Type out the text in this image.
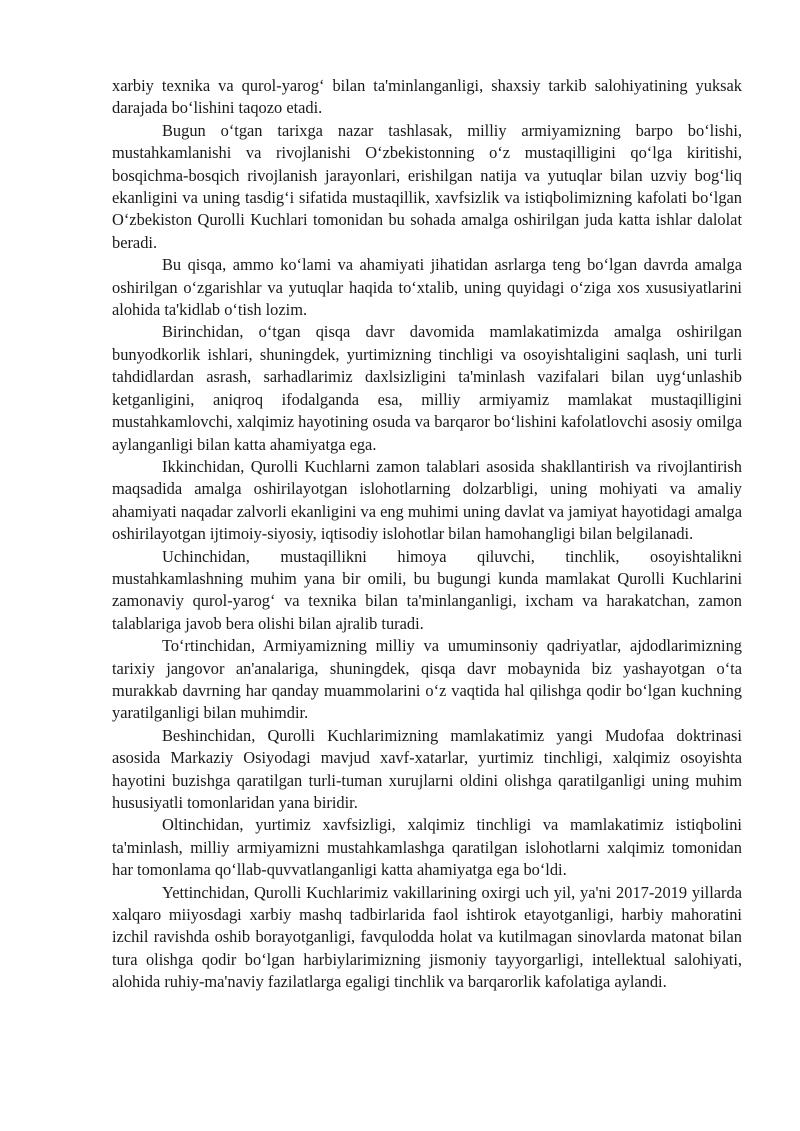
xarbiy texnika va qurol-yarog‘ bilan ta'minlanganligi, shaxsiy tarkib salohiyatining yuksak darajada bo‘lishini taqozo etadi.

Bugun o‘tgan tarixga nazar tashlasak, milliy armiyamizning barpo bo‘lishi, mustahkamlanishi va rivojlanishi O‘zbekistonning o‘z mustaqilligini qo‘lga kiritishi, bosqichma-bosqich rivojlanish jarayonlari, erishilgan natija va yutuqlar bilan uzviy bog‘liq ekanligini va uning tasdig‘i sifatida mustaqillik, xavfsizlik va istiqbolimizning kafolati bo‘lgan O‘zbekiston Qurolli Kuchlari tomonidan bu sohada amalga oshirilgan juda katta ishlar dalolat beradi.

Bu qisqa, ammo ko‘lami va ahamiyati jihatidan asrlarga teng bo‘lgan davrda amalga oshirilgan o‘zgarishlar va yutuqlar haqida to‘xtalib, uning quyidagi o‘ziga xos xususiyatlarini alohida ta'kidlab o‘tish lozim.

Birinchidan, o‘tgan qisqa davr davomida mamlakatimizda amalga oshirilgan bunyodkorlik ishlari, shuningdek, yurtimizning tinchligi va osoyishtaligini saqlash, uni turli tahdidlardan asrash, sarhadlarimiz daxlsizligini ta'minlash vazifalari bilan uyg‘unlashib ketganligini, aniqroq ifodalganda esa, milliy armiyamiz mamlakat mustaqilligini mustahkamlovchi, xalqimiz hayotining osuda va barqaror bo‘lishini kafolatlovchi asosiy omilga aylanganligi bilan katta ahamiyatga ega.

Ikkinchidan, Qurolli Kuchlarni zamon talablari asosida shakllantirish va rivojlantirish maqsadida amalga oshirilayotgan islohotlarning dolzarbligi, uning mohiyati va amaliy ahamiyati naqadar zalvorli ekanligini va eng muhimi uning davlat va jamiyat hayotidagi amalga oshirilayotgan ijtimoiy-siyosiy, iqtisodiy islohotlar bilan hamohangligi bilan belgilanadi.

Uchinchidan, mustaqillikni himoya qiluvchi, tinchlik, osoyishtalikni mustahkamlashning muhim yana bir omili, bu bugungi kunda mamlakat Qurolli Kuchlarini zamonaviy qurol-yarog‘ va texnika bilan ta'minlanganligi, ixcham va harakatchan, zamon talablariga javob bera olishi bilan ajralib turadi.

To‘rtinchidan, Armiyamizning milliy va umuminsoniy qadriyatlar, ajdodlarimizning tarixiy jangovor an'analariga, shuningdek, qisqa davr mobaynida biz yashayotgan o‘ta murakkab davrning har qanday muammolarini o‘z vaqtida hal qilishga qodir bo‘lgan kuchning yaratilganligi bilan muhimdir.

Beshinchidan, Qurolli Kuchlarimizning mamlakatimiz yangi Mudofaa doktrinasi asosida Markaziy Osiyodagi mavjud xavf-xatarlar, yurtimiz tinchligi, xalqimiz osoyishta hayotini buzishga qaratilgan turli-tuman xurujlarni oldini olishga qaratilganligi uning muhim hususiyatli tomonlaridan yana biridir.

Oltinchidan, yurtimiz xavfsizligi, xalqimiz tinchligi va mamlakatimiz istiqbolini ta'minlash, milliy armiyamizni mustahkamlashga qaratilgan islohotlarni xalqimiz tomonidan har tomonlama qo‘llab-quvvatlanganligi katta ahamiyatga ega bo‘ldi.

Yettinchidan, Qurolli Kuchlarimiz vakillarining oxirgi uch yil, ya'ni 2017-2019 yillarda xalqaro miiyosdagi xarbiy mashq tadbirlarida faol ishtirok etayotganligi, harbiy mahoratini izchil ravishda oshib borayotganligi, favqulodda holat va kutilmagan sinovlarda matonat bilan tura olishga qodir bo‘lgan harbiylarimizning jismoniy tayyorgarligi, intellektual salohiyati, alohida ruhiy-ma'naviy fazilatlarga egaligi tinchlik va barqarorlik kafolatiga aylandi.
